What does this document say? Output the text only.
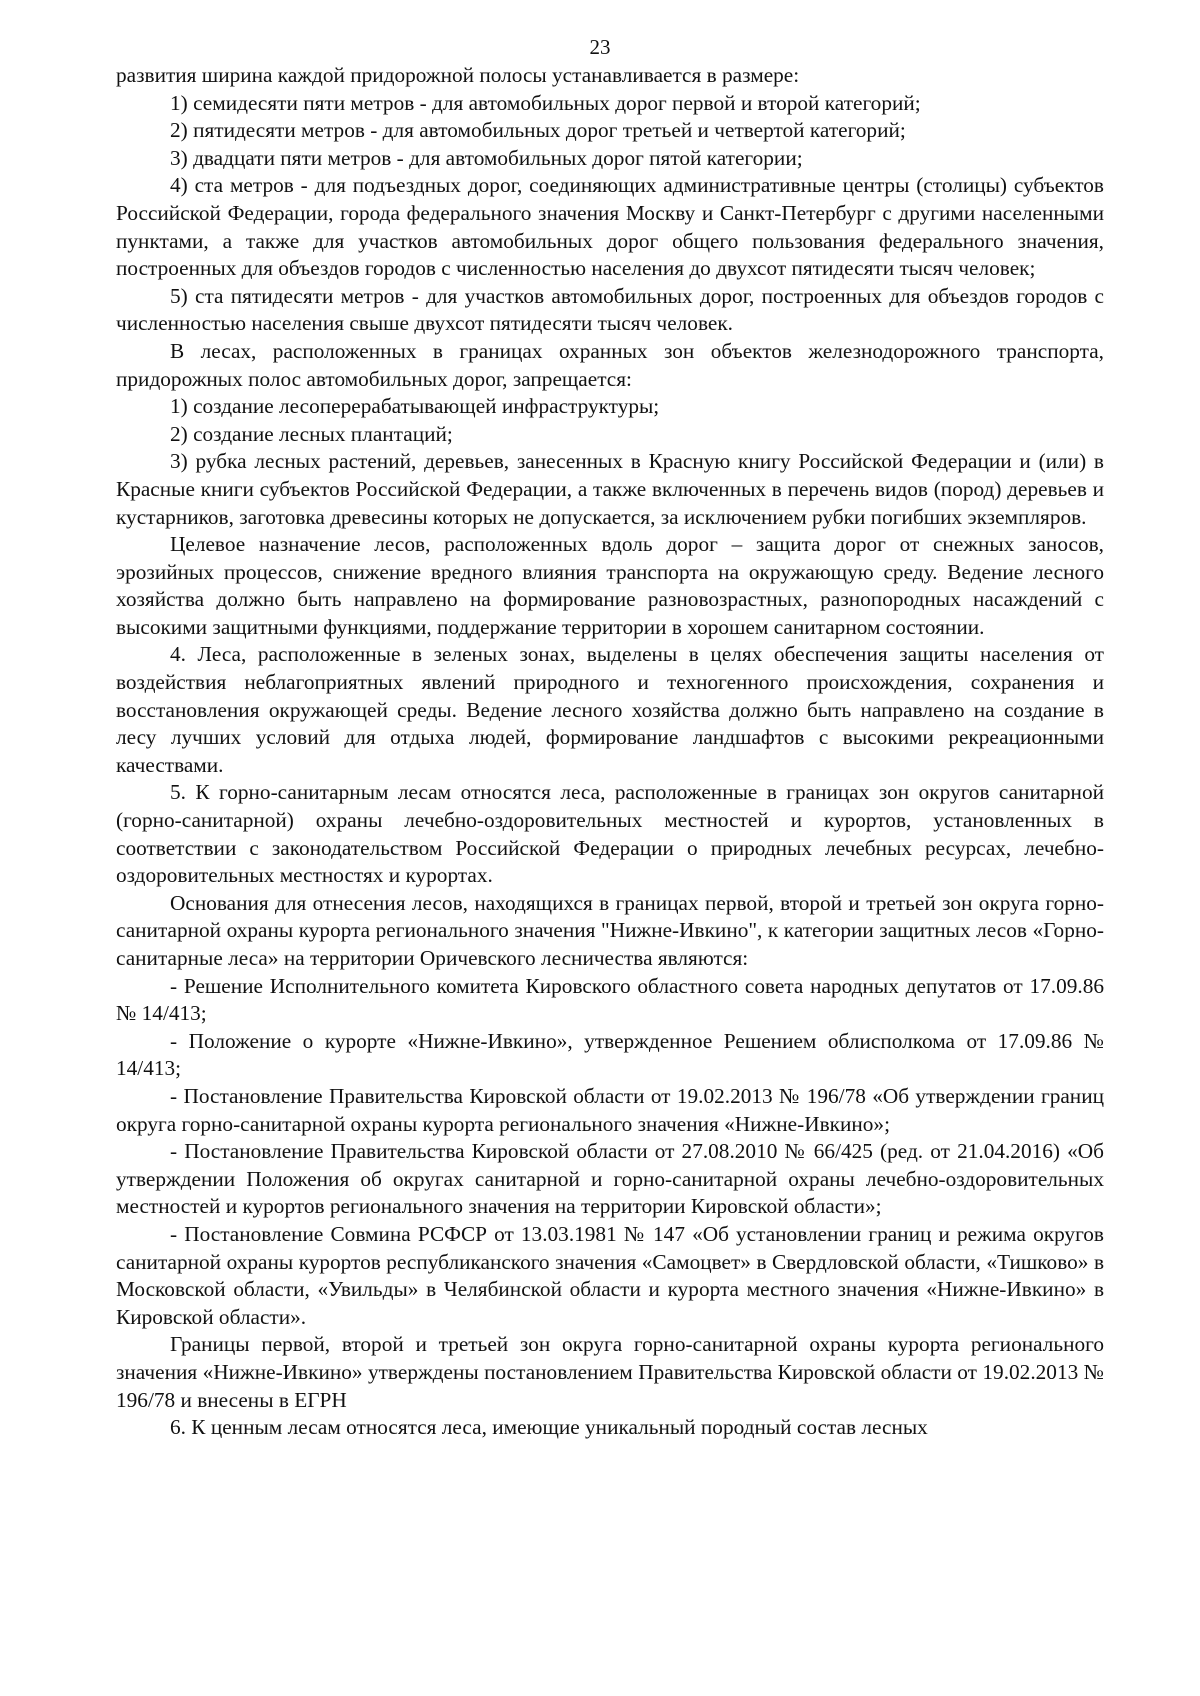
23

развития ширина каждой придорожной полосы устанавливается в размере:

1) семидесяти пяти метров - для автомобильных дорог первой и второй категорий;

2) пятидесяти метров - для автомобильных дорог третьей и четвертой категорий;

3) двадцати пяти метров - для автомобильных дорог пятой категории;

4) ста метров - для подъездных дорог, соединяющих административные центры (столицы) субъектов Российской Федерации, города федерального значения Москву и Санкт-Петербург с другими населенными пунктами, а также для участков автомобильных дорог общего пользования федерального значения, построенных для объездов городов с численностью населения до двухсот пятидесяти тысяч человек;

5) ста пятидесяти метров - для участков автомобильных дорог, построенных для объездов городов с численностью населения свыше двухсот пятидесяти тысяч человек.

В лесах, расположенных в границах охранных зон объектов железнодорожного транспорта, придорожных полос автомобильных дорог, запрещается:

1) создание лесоперерабатывающей инфраструктуры;

2) создание лесных плантаций;

3) рубка лесных растений, деревьев, занесенных в Красную книгу Российской Федерации и (или) в Красные книги субъектов Российской Федерации, а также включенных в перечень видов (пород) деревьев и кустарников, заготовка древесины которых не допускается, за исключением рубки погибших экземпляров.

Целевое назначение лесов, расположенных вдоль дорог – защита дорог от снежных заносов, эрозийных процессов, снижение вредного влияния транспорта на окружающую среду. Ведение лесного хозяйства должно быть направлено на формирование разновозрастных, разнопородных насаждений с высокими защитными функциями, поддержание территории в хорошем санитарном состоянии.

4. Леса, расположенные в зеленых зонах, выделены в целях обеспечения защиты населения от воздействия неблагоприятных явлений природного и техногенного происхождения, сохранения и восстановления окружающей среды. Ведение лесного хозяйства должно быть направлено на создание в лесу лучших условий для отдыха людей, формирование ландшафтов с высокими рекреационными качествами.

5. К горно-санитарным лесам относятся леса, расположенные в границах зон округов санитарной (горно-санитарной) охраны лечебно-оздоровительных местностей и курортов, установленных в соответствии с законодательством Российской Федерации о природных лечебных ресурсах, лечебно-оздоровительных местностях и курортах.

Основания для отнесения лесов, находящихся в границах первой, второй и третьей зон округа горно-санитарной охраны курорта регионального значения "Нижне-Ивкино", к категории защитных лесов «Горно-санитарные леса» на территории Оричевского лесничества являются:

- Решение Исполнительного комитета Кировского областного совета народных депутатов от 17.09.86 № 14/413;

- Положение о курорте «Нижне-Ивкино», утвержденное Решением облисполкома от 17.09.86 № 14/413;

- Постановление Правительства Кировской области от 19.02.2013 № 196/78 «Об утверждении границ округа горно-санитарной охраны курорта регионального значения «Нижне-Ивкино»;

- Постановление Правительства Кировской области от 27.08.2010 № 66/425 (ред. от 21.04.2016) «Об утверждении Положения об округах санитарной и горно-санитарной охраны лечебно-оздоровительных местностей и курортов регионального значения на территории Кировской области»;

- Постановление Совмина РСФСР от 13.03.1981 № 147 «Об установлении границ и режима округов санитарной охраны курортов республиканского значения «Самоцвет» в Свердловской области, «Тишково» в Московской области, «Увильды» в Челябинской области и курорта местного значения «Нижне-Ивкино» в Кировской области».

Границы первой, второй и третьей зон округа горно-санитарной охраны курорта регионального значения «Нижне-Ивкино» утверждены постановлением Правительства Кировской области от 19.02.2013 № 196/78 и внесены в ЕГРН

6. К ценным лесам относятся леса, имеющие уникальный породный состав лесных
